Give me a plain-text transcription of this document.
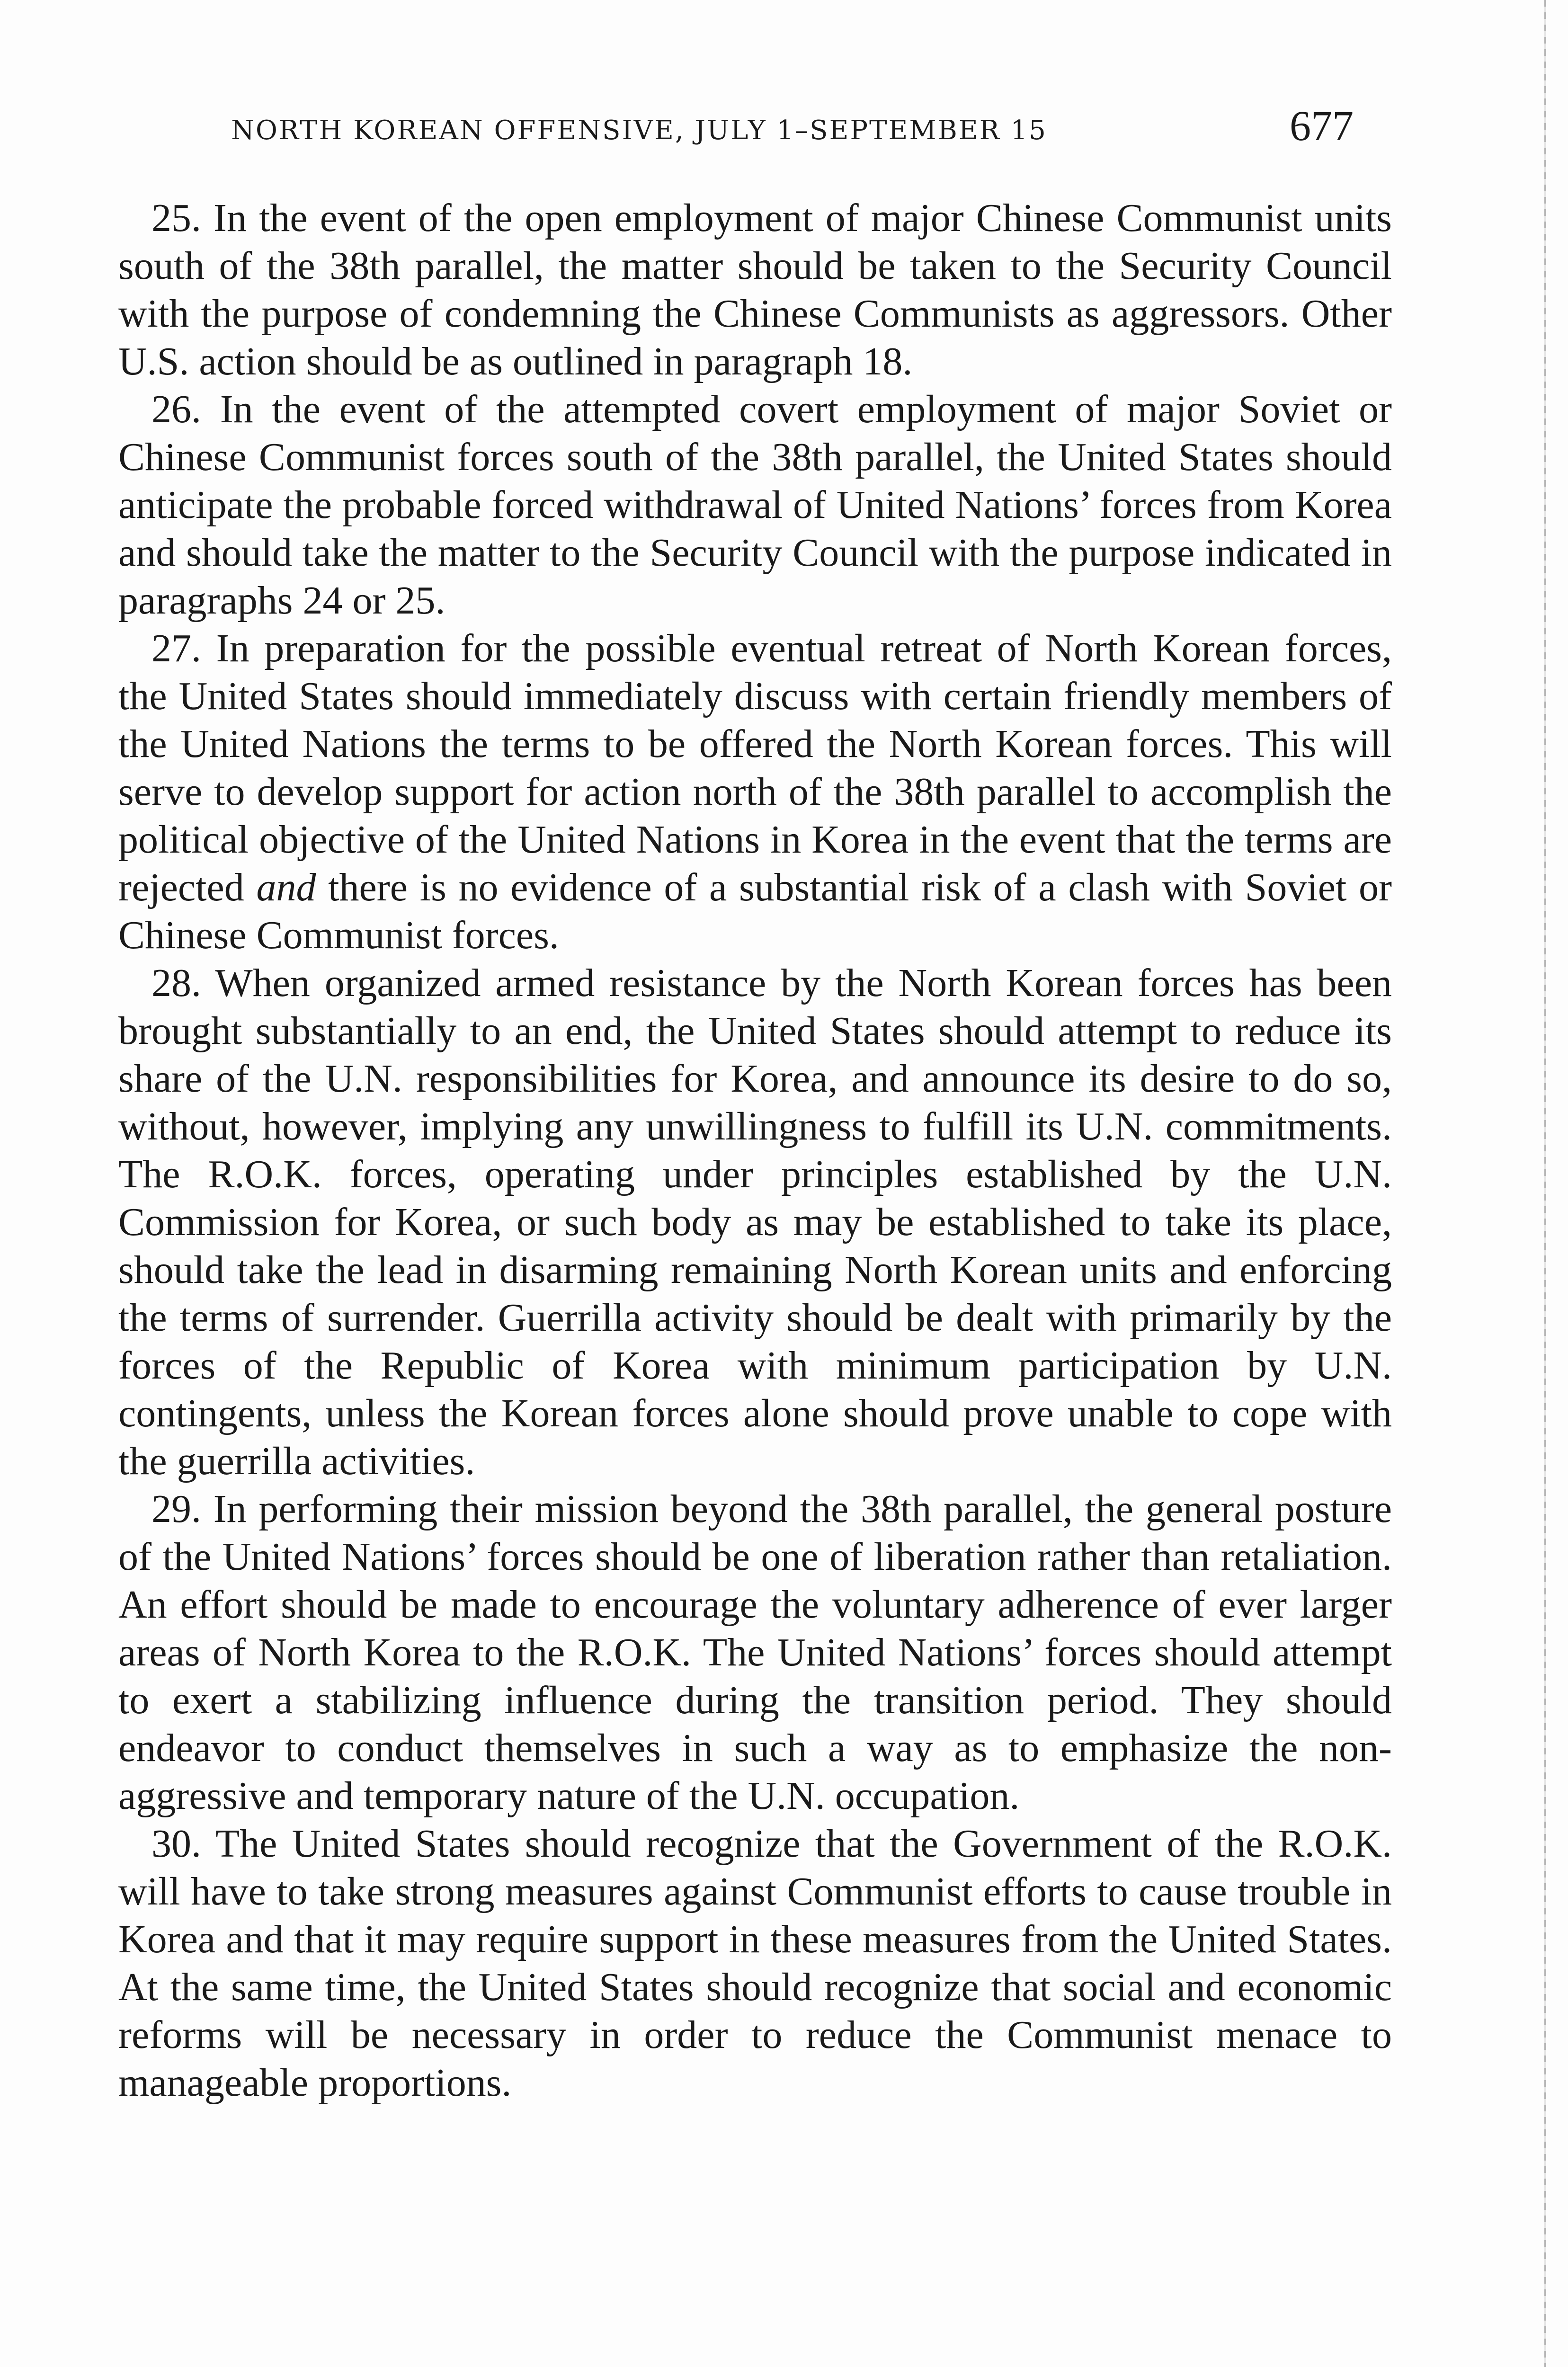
NORTH KOREAN OFFENSIVE, JULY 1–SEPTEMBER 15	677

25. In the event of the open employment of major Chinese Communist units south of the 38th parallel, the matter should be taken to the Security Council with the purpose of condemning the Chinese Communists as aggressors. Other U.S. action should be as outlined in paragraph 18.

26. In the event of the attempted covert employment of major Soviet or Chinese Communist forces south of the 38th parallel, the United States should anticipate the probable forced withdrawal of United Nations’ forces from Korea and should take the matter to the Security Council with the purpose indicated in paragraphs 24 or 25.

27. In preparation for the possible eventual retreat of North Korean forces, the United States should immediately discuss with certain friendly members of the United Nations the terms to be offered the North Korean forces. This will serve to develop support for action north of the 38th parallel to accomplish the political objective of the United Nations in Korea in the event that the terms are rejected and there is no evidence of a substantial risk of a clash with Soviet or Chinese Communist forces.

28. When organized armed resistance by the North Korean forces has been brought substantially to an end, the United States should attempt to reduce its share of the U.N. responsibilities for Korea, and announce its desire to do so, without, however, implying any unwillingness to fulfill its U.N. commitments. The R.O.K. forces, operating under principles established by the U.N. Commission for Korea, or such body as may be established to take its place, should take the lead in disarming remaining North Korean units and enforcing the terms of surrender. Guerrilla activity should be dealt with primarily by the forces of the Republic of Korea with minimum participation by U.N. contingents, unless the Korean forces alone should prove unable to cope with the guerrilla activities.

29. In performing their mission beyond the 38th parallel, the general posture of the United Nations’ forces should be one of liberation rather than retaliation. An effort should be made to encourage the voluntary adherence of ever larger areas of North Korea to the R.O.K. The United Nations’ forces should attempt to exert a stabilizing influence during the transition period. They should endeavor to conduct themselves in such a way as to emphasize the non-aggressive and temporary nature of the U.N. occupation.

30. The United States should recognize that the Government of the R.O.K. will have to take strong measures against Communist efforts to cause trouble in Korea and that it may require support in these measures from the United States. At the same time, the United States should recognize that social and economic reforms will be necessary in order to reduce the Communist menace to manageable proportions.
